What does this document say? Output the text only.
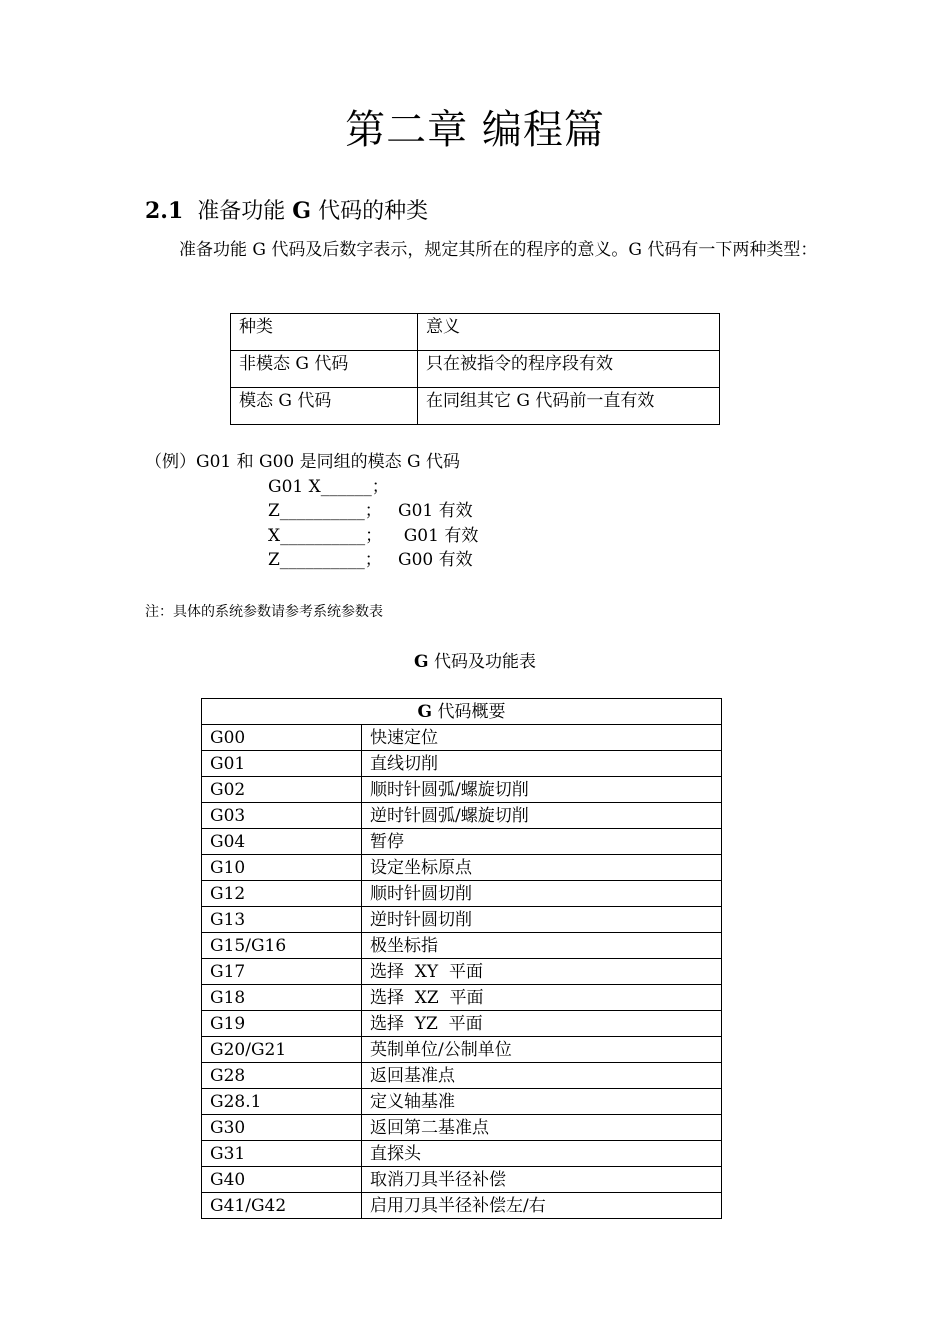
第二章 编程篇
2.1 准备功能 G 代码的种类
准备功能 G 代码及后数字表示，规定其所在的程序的意义。G 代码有一下两种类型：
种类	意义
非模态 G 代码	只在被指令的程序段有效
模态 G 代码	在同组其它 G 代码前一直有效
（例）G01 和 G00 是同组的模态 G 代码
G01 X______；
Z__________；   G01 有效
X__________；    G01 有效
Z__________；   G00 有效
注：具体的系统参数请参考系统参数表
G 代码及功能表
G 代码概要	
G00	快速定位
G01	直线切削
G02	顺时针圆弧/螺旋切削
G03	逆时针圆弧/螺旋切削
G04	暂停
G10	设定坐标原点
G12	顺时针圆切削
G13	逆时针圆切削
G15/G16	极坐标指
G17	选择  XY  平面
G18	选择  XZ  平面
G19	选择  YZ  平面
G20/G21	英制单位/公制单位
G28	返回基准点
G28.1	定义轴基准
G30	返回第二基准点
G31	直探头
G40	取消刀具半径补偿
G41/G42	启用刀具半径补偿左/右
